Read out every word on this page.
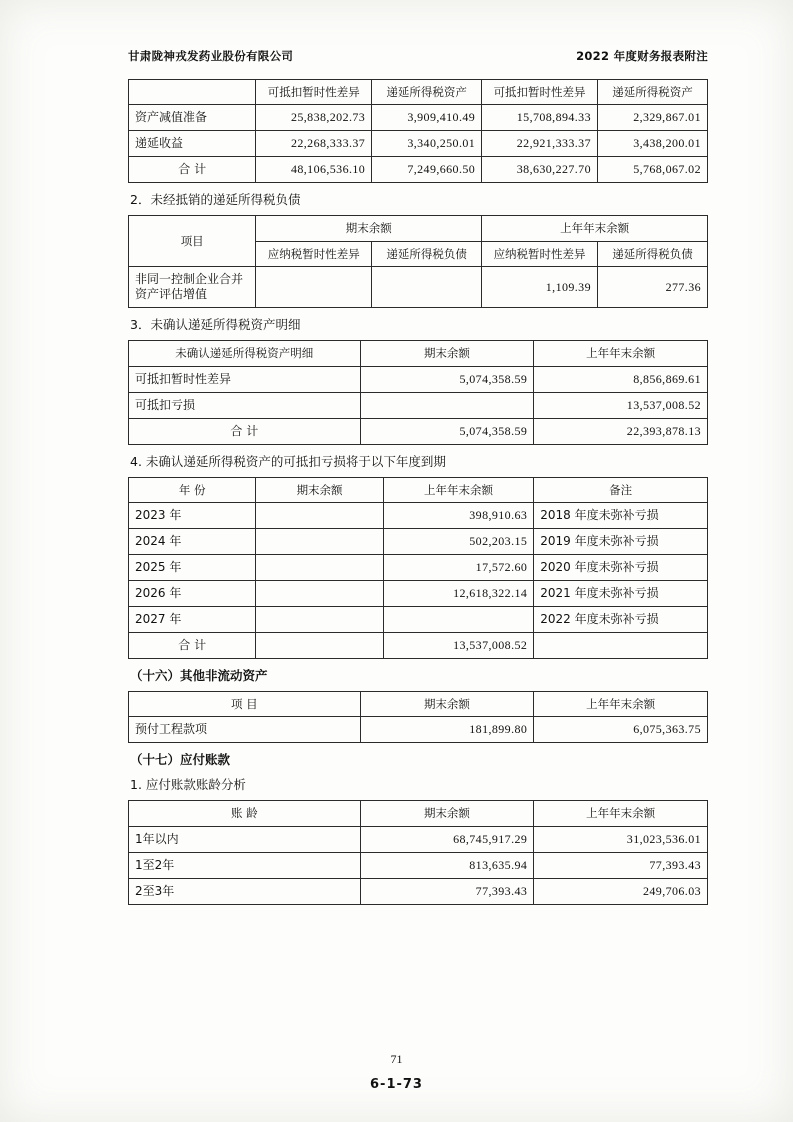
甘肃陇神戎发药业股份有限公司	2022 年度财务报表附注
	可抵扣暂时性差异	递延所得税资产	可抵扣暂时性差异	递延所得税资产
资产减值准备	25,838,202.73	3,909,410.49	15,708,894.33	2,329,867.01
递延收益	22,268,333.37	3,340,250.01	22,921,333.37	3,438,200.01
合 计	48,106,536.10	7,249,660.50	38,630,227.70	5,768,067.02
2．未经抵销的递延所得税负债
项目	期末余额		上年年末余额	
	应纳税暂时性差异	递延所得税负债	应纳税暂时性差异	递延所得税负债
非同一控制企业合并资产评估增值			1,109.39	277.36
3．未确认递延所得税资产明细
未确认递延所得税资产明细	期末余额	上年年末余额
可抵扣暂时性差异	5,074,358.59	8,856,869.61
可抵扣亏损		13,537,008.52
合 计	5,074,358.59	22,393,878.13
4. 未确认递延所得税资产的可抵扣亏损将于以下年度到期
年 份	期末余额	上年年末余额	备注
2023 年		398,910.63	2018 年度未弥补亏损
2024 年		502,203.15	2019 年度未弥补亏损
2025 年		17,572.60	2020 年度未弥补亏损
2026 年		12,618,322.14	2021 年度未弥补亏损
2027 年			2022 年度未弥补亏损
合 计		13,537,008.52	
（十六）其他非流动资产
项 目	期末余额	上年年末余额
预付工程款项	181,899.80	6,075,363.75
（十七）应付账款
1. 应付账款账龄分析
账 龄	期末余额	上年年末余额
1年以内	68,745,917.29	31,023,536.01
1至2年	813,635.94	77,393.43
2至3年	77,393.43	249,706.03
71
6-1-73
